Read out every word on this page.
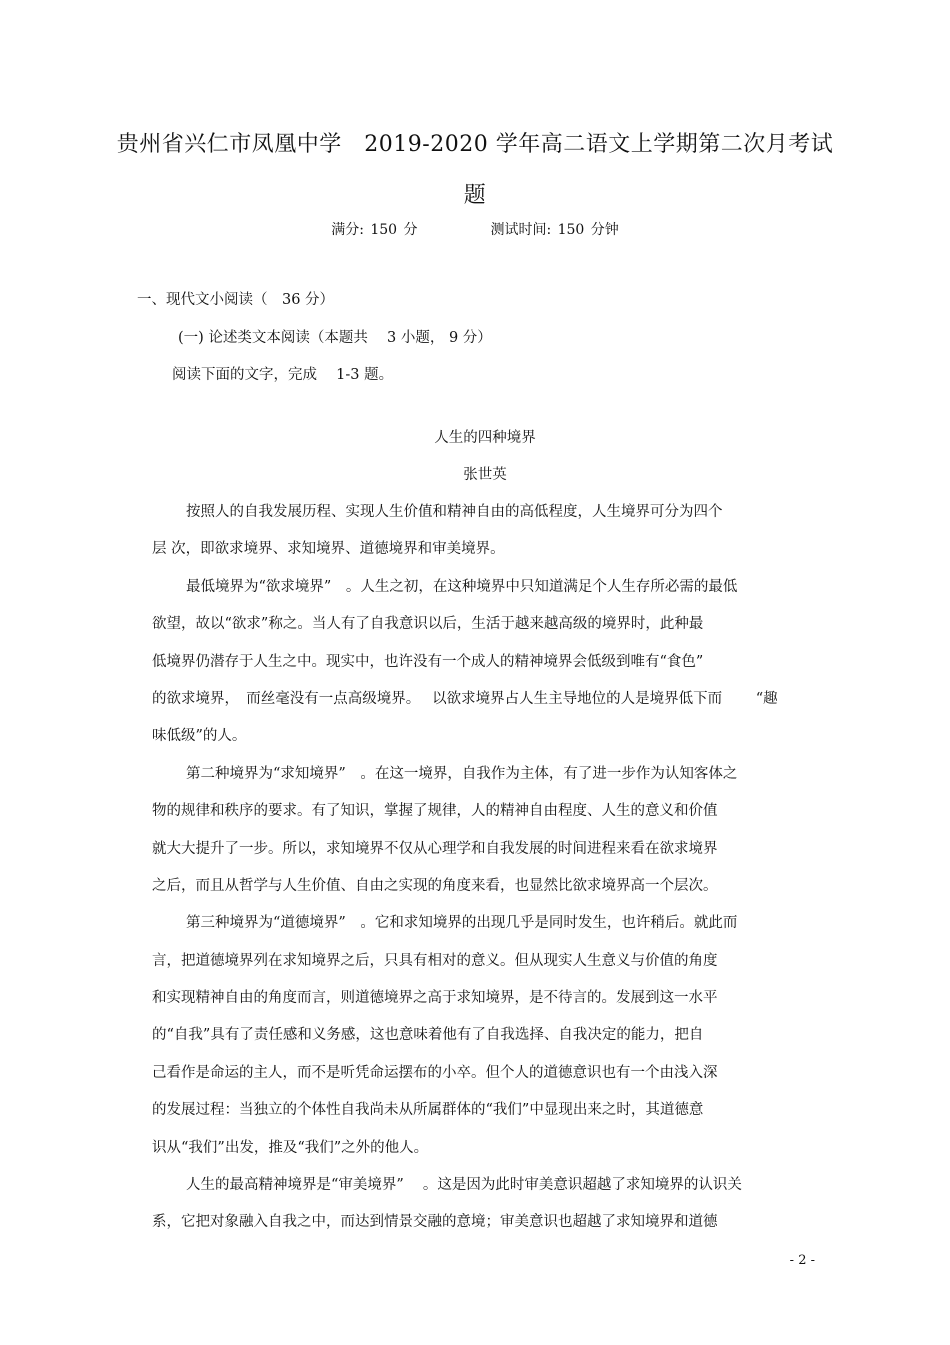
贵州省兴仁市凤凰中学　2019-2020 学年高二语文上学期第二次月考试
题
满分: 150 分	测试时间: 150 分钟
一、现代文小阅读（　36 分）
(一) 论述类文本阅读（本题共　 3 小题， 9 分）
阅读下面的文字，完成　 1-3 题。
人生的四种境界
张世英
按照人的自我发展历程、实现人生价值和精神自由的高低程度，人生境界可分为四个
层 次，即欲求境界、求知境界、道德境界和审美境界。
最低境界为“欲求境界”　。人生之初，在这种境界中只知道满足个人生存所必需的最低
欲望，故以“欲求”称之。当人有了自我意识以后，生活于越来越高级的境界时，此种最
低境界仍潜存于人生之中。现实中，也许没有一个成人的精神境界会低级到唯有“食色”
的欲求境界，　而丝毫没有一点高级境界。　 以欲求境界占人生主导地位的人是境界低下而　　 “趣
味低级”的人。
第二种境界为“求知境界”　。在这一境界，自我作为主体，有了进一步作为认知客体之
物的规律和秩序的要求。有了知识，掌握了规律，人的精神自由程度、人生的意义和价值
就大大提升了一步。所以，求知境界不仅从心理学和自我发展的时间进程来看在欲求境界
之后，而且从哲学与人生价值、自由之实现的角度来看，也显然比欲求境界高一个层次。
第三种境界为“道德境界”　。它和求知境界的出现几乎是同时发生，也许稍后。就此而
言，把道德境界列在求知境界之后，只具有相对的意义。但从现实人生意义与价值的角度
和实现精神自由的角度而言，则道德境界之高于求知境界，是不待言的。发展到这一水平
的“自我”具有了责任感和义务感，这也意味着他有了自我选择、自我决定的能力，把自
己看作是命运的主人，而不是听凭命运摆布的小卒。但个人的道德意识也有一个由浅入深
的发展过程：当独立的个体性自我尚未从所属群体的“我们”中显现出来之时，其道德意
识从“我们”出发，推及“我们”之外的他人。
人生的最高精神境界是“审美境界”　 。这是因为此时审美意识超越了求知境界的认识关
系，它把对象融入自我之中，而达到情景交融的意境；审美意识也超越了求知境界和道德
- 2 -
